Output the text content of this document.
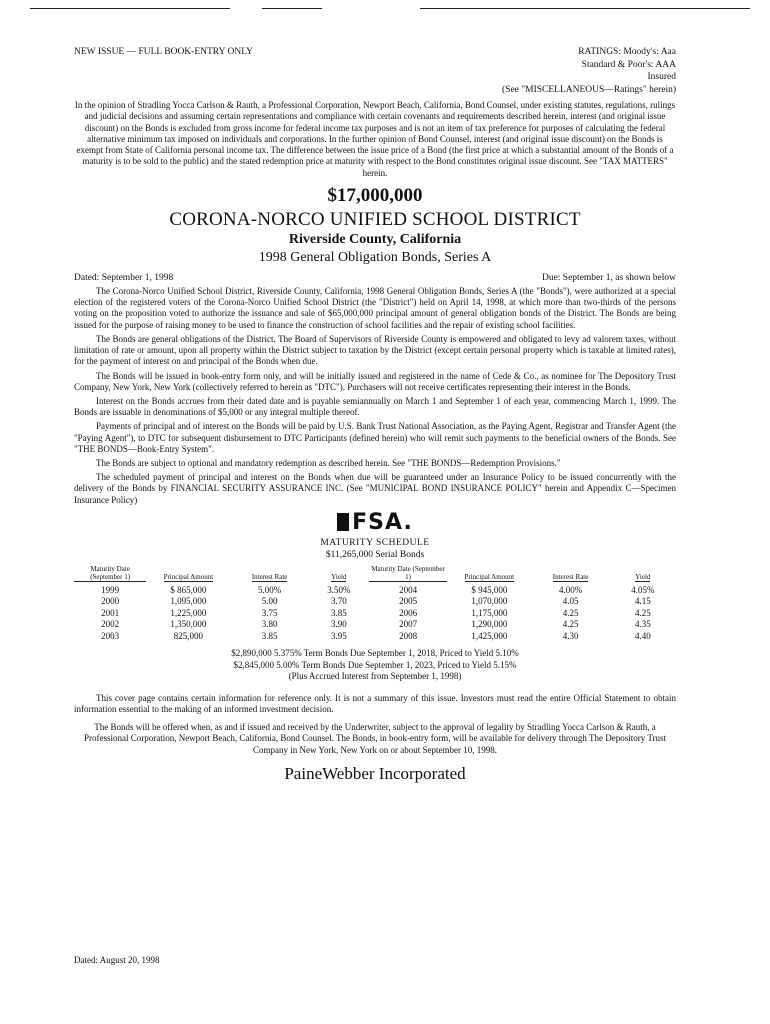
NEW ISSUE — FULL BOOK-ENTRY ONLY	RATINGS: Moody's: Aaa
Standard & Poor's: AAA
Insured
(See "MISCELLANEOUS—Ratings" herein)

In the opinion of Stradling Yocca Carlson & Rauth, a Professional Corporation, Newport Beach, California, Bond Counsel, under existing statutes, regulations, rulings and judicial decisions and assuming certain representations and compliance with certain covenants and requirements described herein, interest (and original issue discount) on the Bonds is excluded from gross income for federal income tax purposes and is not an item of tax preference for purposes of calculating the federal alternative minimum tax imposed on individuals and corporations. In the further opinion of Bond Counsel, interest (and original issue discount) on the Bonds is exempt from State of California personal income tax. The difference between the issue price of a Bond (the first price at which a substantial amount of the Bonds of a maturity is to be sold to the public) and the stated redemption price at maturity with respect to the Bond constitutes original issue discount. See "TAX MATTERS" herein.

$17,000,000
CORONA-NORCO UNIFIED SCHOOL DISTRICT
Riverside County, California
1998 General Obligation Bonds, Series A
Dated: September 1, 1998	Due: September 1, as shown below

The Corona-Norco Unified School District, Riverside County, California, 1998 General Obligation Bonds, Series A (the "Bonds"), were authorized at a special election of the registered voters of the Corona-Norco Unified School District (the "District") held on April 14, 1998, at which more than two-thirds of the persons voting on the proposition voted to authorize the issuance and sale of $65,000,000 principal amount of general obligation bonds of the District. The Bonds are being issued for the purpose of raising money to be used to finance the construction of school facilities and the repair of existing school facilities.

The Bonds are general obligations of the District. The Board of Supervisors of Riverside County is empowered and obligated to levy ad valorem taxes, without limitation of rate or amount, upon all property within the District subject to taxation by the District (except certain personal property which is taxable at limited rates), for the payment of interest on and principal of the Bonds when due.

The Bonds will be issued in book-entry form only, and will be initially issued and registered in the name of Cede & Co., as nominee for The Depository Trust Company, New York, New York (collectively referred to herein as "DTC"). Purchasers will not receive certificates representing their interest in the Bonds.

Interest on the Bonds accrues from their dated date and is payable semiannually on March 1 and September 1 of each year, commencing March 1, 1999. The Bonds are issuable in denominations of $5,000 or any integral multiple thereof.

Payments of principal and of interest on the Bonds will be paid by U.S. Bank Trust National Association, as the Paying Agent, Registrar and Transfer Agent (the "Paying Agent"), to DTC for subsequent disbursement to DTC Participants (defined herein) who will remit such payments to the beneficial owners of the Bonds. See "THE BONDS—Book-Entry System".

The Bonds are subject to optional and mandatory redemption as described herein. See "THE BONDS—Redemption Provisions."

The scheduled payment of principal and interest on the Bonds when due will be guaranteed under an Insurance Policy to be issued concurrently with the delivery of the Bonds by FINANCIAL SECURITY ASSURANCE INC. (See "MUNICIPAL BOND INSURANCE POLICY" herein and Appendix C—Specimen Insurance Policy)

FSA.
MATURITY SCHEDULE
$11,265,000 Serial Bonds
Maturity Date (September 1)	Principal Amount	Interest Rate	Yield	Maturity Date (September 1)	Principal Amount	Interest Rate	Yield
1999	$ 865,000	5.00%	3.50%	2004	$ 945,000	4.00%	4.05%
2000	1,095,000	5.00	3.70	2005	1,070,000	4.05	4.15
2001	1,225,000	3.75	3.85	2006	1,175,000	4.25	4.25
2002	1,350,000	3.80	3.90	2007	1,290,000	4.25	4.35
2003	825,000	3.85	3.95	2008	1,425,000	4.30	4.40
$2,890,000 5.375% Term Bonds Due September 1, 2018, Priced to Yield 5.10%
$2,845,000 5.00% Term Bonds Due September 1, 2023, Priced to Yield 5.15%
(Plus Accrued Interest from September 1, 1998)

This cover page contains certain information for reference only. It is not a summary of this issue. Investors must read the entire Official Statement to obtain information essential to the making of an informed investment decision.

The Bonds will be offered when, as and if issued and received by the Underwriter, subject to the approval of legality by Stradling Yocca Carlson & Rauth, a Professional Corporation, Newport Beach, California, Bond Counsel. The Bonds, in book-entry form, will be available for delivery through The Depository Trust Company in New York, New York on or about September 10, 1998.

PaineWebber Incorporated
Dated: August 20, 1998
